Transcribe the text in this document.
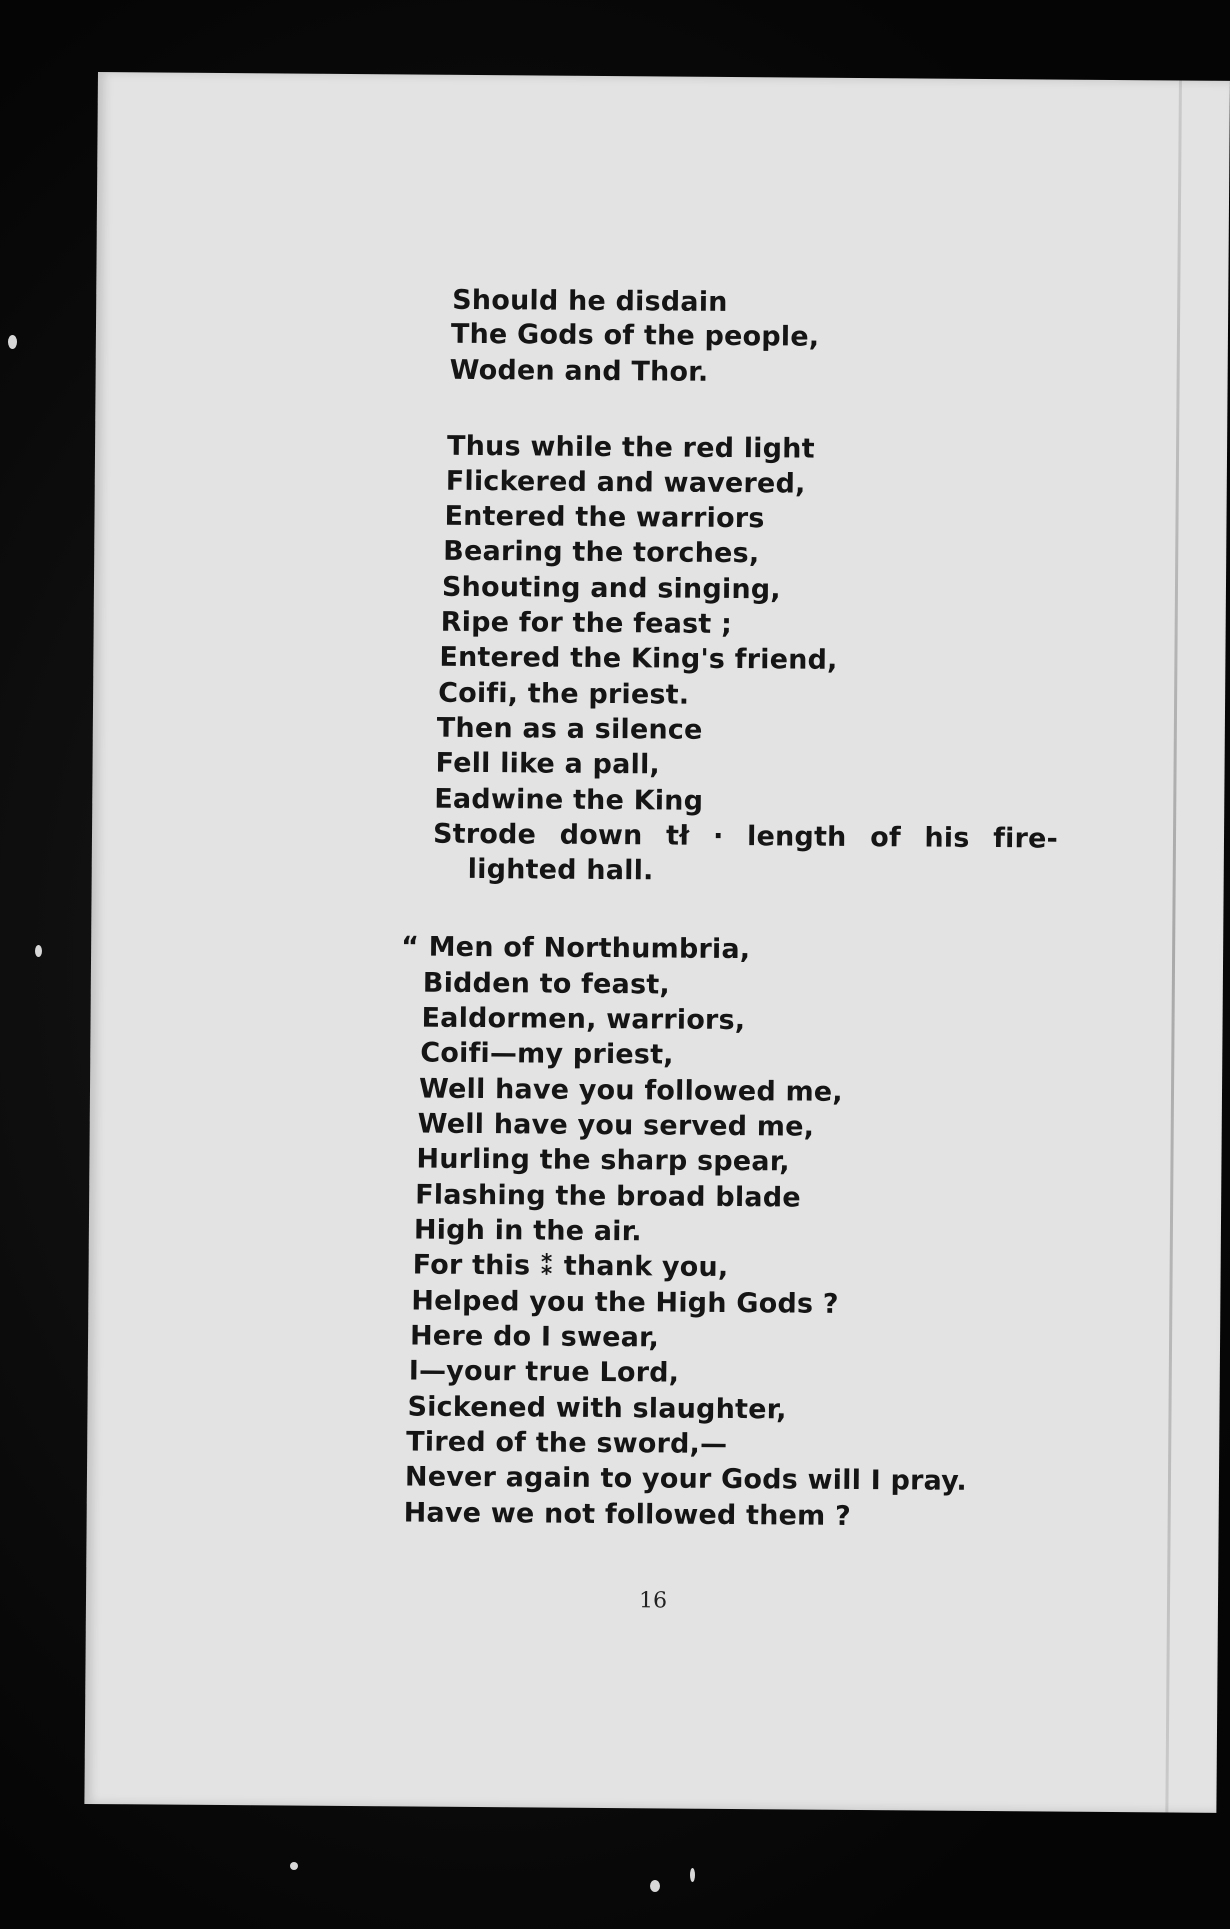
Should he disdain
The Gods of the people,
Woden and Thor.
Thus while the red light
Flickered and wavered,
Entered the warriors
Bearing the torches,
Shouting and singing,
Ripe for the feast ;
Entered the King's friend,
Coifi, the priest.
Then as a silence
Fell like a pall,
Eadwine the King
Strode down tł · length of his fire-
lighted hall.
“ Men of Northumbria,
Bidden to feast,
Ealdormen, warriors,
Coifi—my priest,
Well have you followed me,
Well have you served me,
Hurling the sharp spear,
Flashing the broad blade
High in the air.
For this ⁑ thank you,
Helped you the High Gods ?
Here do I swear,
I—your true Lord,
Sickened with slaughter,
Tired of the sword,—
Never again to your Gods will I pray.
Have we not followed them ?
16
